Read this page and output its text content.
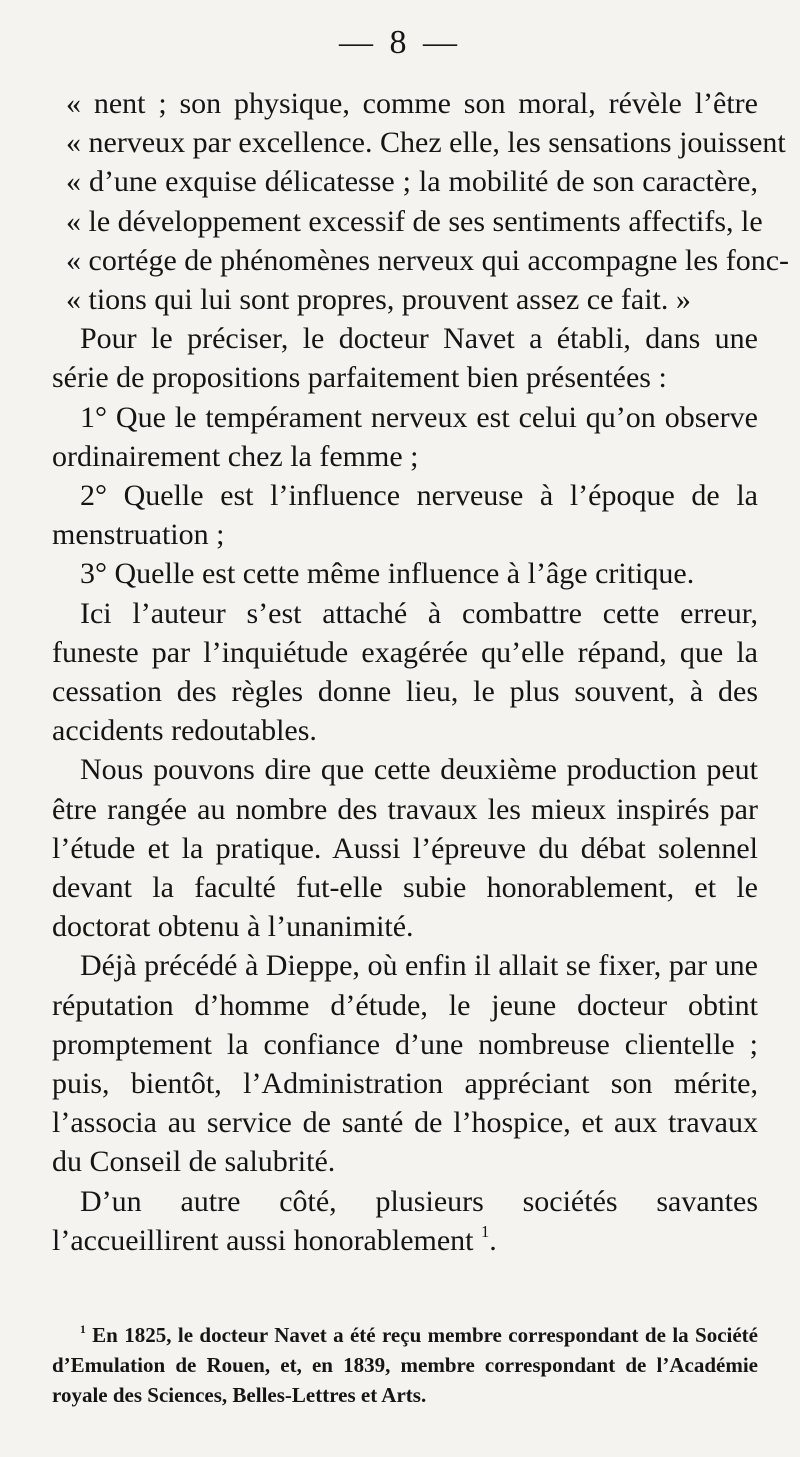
— 8 —
« nent ; son physique, comme son moral, révèle l’être
« nerveux par excellence. Chez elle, les sensations jouissent
« d’une exquise délicatesse ; la mobilité de son caractère,
« le développement excessif de ses sentiments affectifs, le
« cortége de phénomènes nerveux qui accompagne les fonc-
« tions qui lui sont propres, prouvent assez ce fait. »

Pour le préciser, le docteur Navet a établi, dans une série de propositions parfaitement bien présentées :

1° Que le tempérament nerveux est celui qu’on observe ordinairement chez la femme ;

2° Quelle est l’influence nerveuse à l’époque de la menstruation ;

3° Quelle est cette même influence à l’âge critique.

Ici l’auteur s’est attaché à combattre cette erreur, funeste par l’inquiétude exagérée qu’elle répand, que la cessation des règles donne lieu, le plus souvent, à des accidents redoutables.

Nous pouvons dire que cette deuxième production peut être rangée au nombre des travaux les mieux inspirés par l’étude et la pratique. Aussi l’épreuve du débat solennel devant la faculté fut-elle subie honorablement, et le doctorat obtenu à l’unanimité.

Déjà précédé à Dieppe, où enfin il allait se fixer, par une réputation d’homme d’étude, le jeune docteur obtint promptement la confiance d’une nombreuse clientelle ; puis, bientôt, l’Administration appréciant son mérite, l’associa au service de santé de l’hospice, et aux travaux du Conseil de salubrité.

D’un autre côté, plusieurs sociétés savantes l’accueillirent aussi honorablement $^1$.

$^1$ En 1825, le docteur Navet a été reçu membre correspondant de la Société d’Emulation de Rouen, et, en 1839, membre correspondant de l’Académie royale des Sciences, Belles-Lettres et Arts.
